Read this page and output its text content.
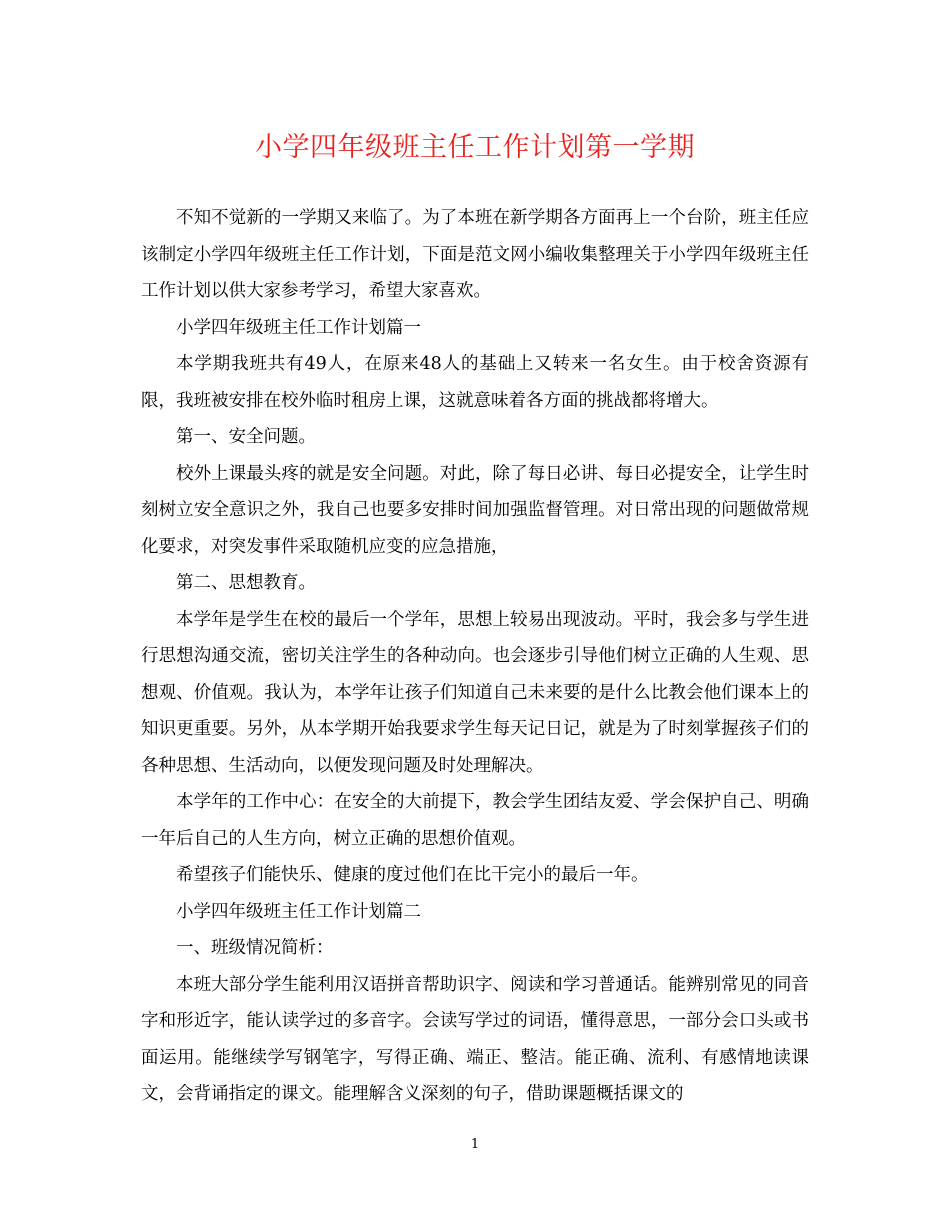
小学四年级班主任工作计划第一学期

不知不觉新的一学期又来临了。为了本班在新学期各方面再上一个台阶，班主任应该制定小学四年级班主任工作计划，下面是范文网小编收集整理关于小学四年级班主任工作计划以供大家参考学习，希望大家喜欢。

小学四年级班主任工作计划篇一

本学期我班共有49人，在原来48人的基础上又转来一名女生。由于校舍资源有限，我班被安排在校外临时租房上课，这就意味着各方面的挑战都将增大。

第一、安全问题。

校外上课最头疼的就是安全问题。对此，除了每日必讲、每日必提安全，让学生时刻树立安全意识之外，我自己也要多安排时间加强监督管理。对日常出现的问题做常规化要求，对突发事件采取随机应变的应急措施，

第二、思想教育。

本学年是学生在校的最后一个学年，思想上较易出现波动。平时，我会多与学生进行思想沟通交流，密切关注学生的各种动向。也会逐步引导他们树立正确的人生观、思想观、价值观。我认为，本学年让孩子们知道自己未来要的是什么比教会他们课本上的知识更重要。另外，从本学期开始我要求学生每天记日记，就是为了时刻掌握孩子们的各种思想、生活动向，以便发现问题及时处理解决。

本学年的工作中心：在安全的大前提下，教会学生团结友爱、学会保护自己、明确一年后自己的人生方向，树立正确的思想价值观。

希望孩子们能快乐、健康的度过他们在比干完小的最后一年。

小学四年级班主任工作计划篇二

一、班级情况简析：

本班大部分学生能利用汉语拼音帮助识字、阅读和学习普通话。能辨别常见的同音字和形近字，能认读学过的多音字。会读写学过的词语，懂得意思，一部分会口头或书面运用。能继续学写钢笔字，写得正确、端正、整洁。能正确、流利、有感情地读课文，会背诵指定的课文。能理解含义深刻的句子，借助课题概括课文的

1
